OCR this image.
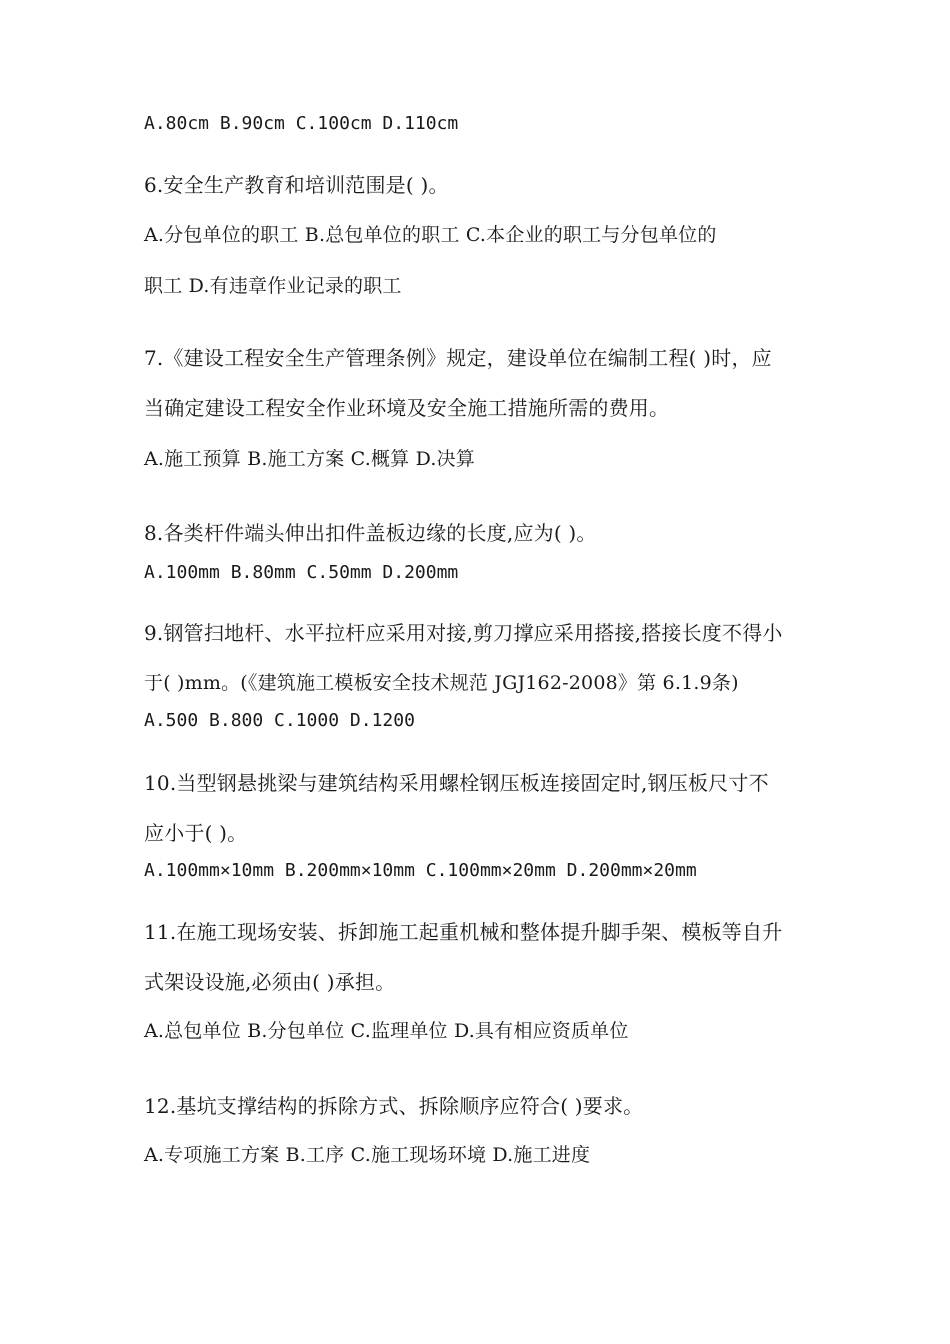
A.80cm B.90cm C.100cm D.110cm
6.安全生产教育和培训范围是( )。
A.分包单位的职工 B.总包单位的职工 C.本企业的职工与分包单位的
职工 D.有违章作业记录的职工
7.《建设工程安全生产管理条例》规定，建设单位在编制工程( )时，应
当确定建设工程安全作业环境及安全施工措施所需的费用。
A.施工预算 B.施工方案 C.概算 D.决算
8.各类杆件端头伸出扣件盖板边缘的长度,应为( )。
A.100mm B.80mm C.50mm D.200mm
9.钢管扫地杆、水平拉杆应采用对接,剪刀撑应采用搭接,搭接长度不得小
于( )mm。(《建筑施工模板安全技术规范 JGJ162-2008》第 6.1.9条)
A.500 B.800 C.1000 D.1200
10.当型钢悬挑梁与建筑结构采用螺栓钢压板连接固定时,钢压板尺寸不
应小于( )。
A.100mm×10mm B.200mm×10mm C.100mm×20mm D.200mm×20mm
11.在施工现场安装、拆卸施工起重机械和整体提升脚手架、模板等自升
式架设设施,必须由( )承担。
A.总包单位 B.分包单位 C.监理单位 D.具有相应资质单位
12.基坑支撑结构的拆除方式、拆除顺序应符合( )要求。
A.专项施工方案 B.工序 C.施工现场环境 D.施工进度
